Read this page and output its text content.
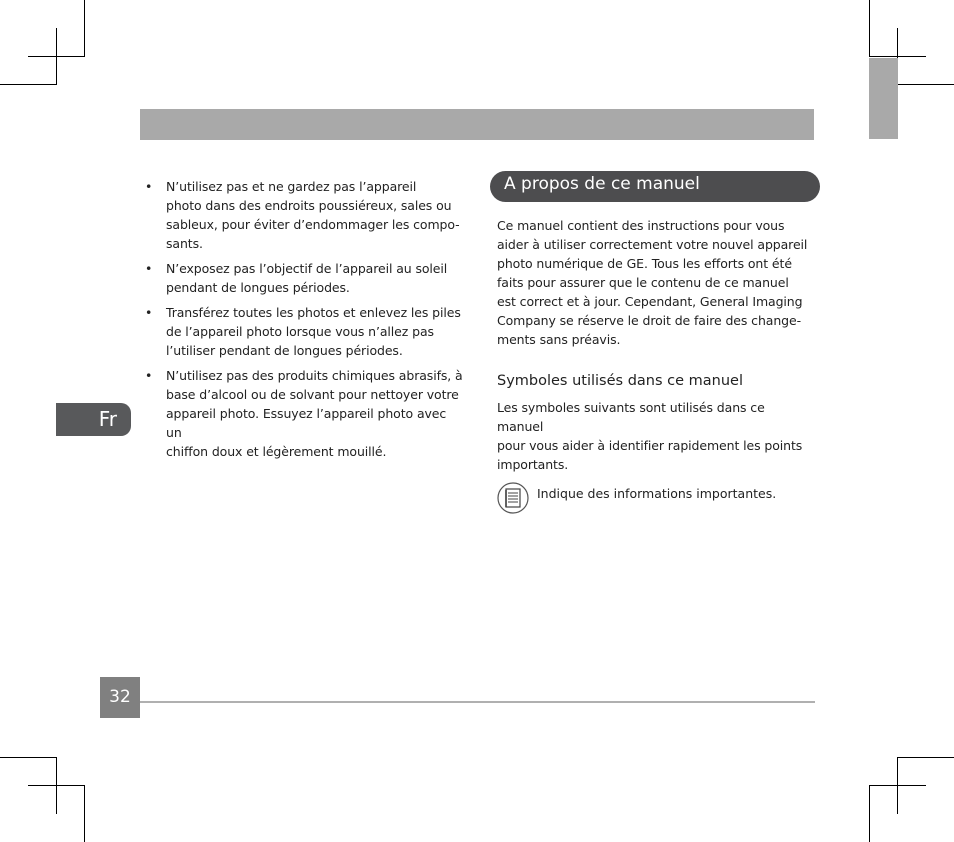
Fr
• N’utilisez pas et ne gardez pas l’appareil
photo dans des endroits poussiéreux, sales ou
sableux, pour éviter d’endommager les compo-
sants.
• N’exposez pas l’objectif de l’appareil au soleil
pendant de longues périodes.
• Transférez toutes les photos et enlevez les piles
de l’appareil photo lorsque vous n’allez pas
l’utiliser pendant de longues périodes.
• N’utilisez pas des produits chimiques abrasifs, à
base d’alcool ou de solvant pour nettoyer votre
appareil photo. Essuyez l’appareil photo avec un
chiffon doux et légèrement mouillé.
A propos de ce manuel

Ce manuel contient des instructions pour vous
aider à utiliser correctement votre nouvel appareil
photo numérique de GE. Tous les efforts ont été
faits pour assurer que le contenu de ce manuel
est correct et à jour. Cependant, General Imaging
Company se réserve le droit de faire des change-
ments sans préavis.

Symboles utilisés dans ce manuel

Les symboles suivants sont utilisés dans ce manuel
pour vous aider à identifier rapidement les points
importants.

Indique des informations importantes.

32
